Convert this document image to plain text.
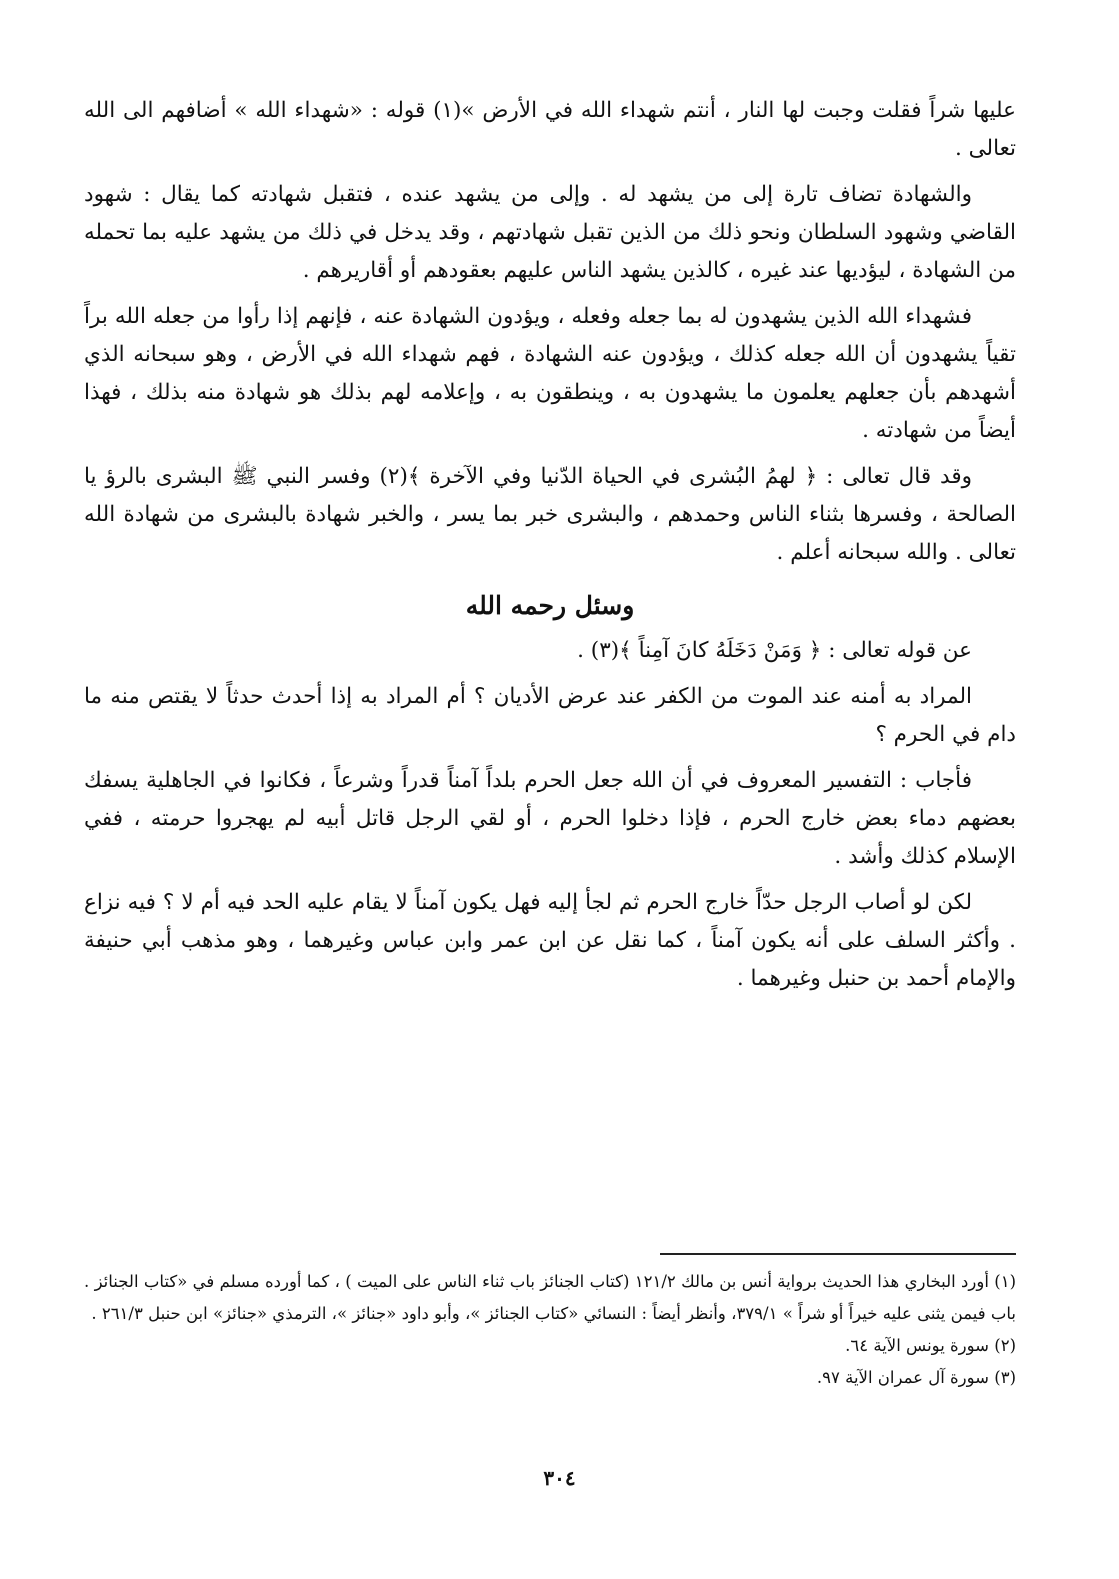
عليها شراً فقلت وجبت لها النار ، أنتم شهداء الله في الأرض »(١) قوله : «شهداء الله » أضافهم الى الله تعالى .

والشهادة تضاف تارة إلى من يشهد له . وإلى من يشهد عنده ، فتقبل شهادته كما يقال : شهود القاضي وشهود السلطان ونحو ذلك من الذين تقبل شهادتهم ، وقد يدخل في ذلك من يشهد عليه بما تحمله من الشهادة ، ليؤديها عند غيره ، كالذين يشهد الناس عليهم بعقودهم أو أقاريرهم .

فشهداء الله الذين يشهدون له بما جعله وفعله ، ويؤدون الشهادة عنه ، فإنهم إذا رأوا من جعله الله براً تقياً يشهدون أن الله جعله كذلك ، ويؤدون عنه الشهادة ، فهم شهداء الله في الأرض ، وهو سبحانه الذي أشهدهم بأن جعلهم يعلمون ما يشهدون به ، وينطقون به ، وإعلامه لهم بذلك هو شهادة منه بذلك ، فهذا أيضاً من شهادته .

وقد قال تعالى : ﴿ لهمُ البُشرى في الحياة الدّنيا وفي الآخرة ﴾(٢) وفسر النبي ﷺ البشرى بالرؤ يا الصالحة ، وفسرها بثناء الناس وحمدهم ، والبشرى خبر بما يسر ، والخبر شهادة بالبشرى من شهادة الله تعالى . والله سبحانه أعلم .

وسئل رحمه الله

عن قوله تعالى : ﴿ وَمَنْ دَخَلَهُ كانَ آمِناً ﴾(٣) .

المراد به أمنه عند الموت من الكفر عند عرض الأديان ؟ أم المراد به إذا أحدث حدثاً لا يقتص منه ما دام في الحرم ؟

فأجاب : التفسير المعروف في أن الله جعل الحرم بلداً آمناً قدراً وشرعاً ، فكانوا في الجاهلية يسفك بعضهم دماء بعض خارج الحرم ، فإذا دخلوا الحرم ، أو لقي الرجل قاتل أبيه لم يهجروا حرمته ، ففي الإسلام كذلك وأشد .

لكن لو أصاب الرجل حدّاً خارج الحرم ثم لجأ إليه فهل يكون آمناً لا يقام عليه الحد فيه أم لا ؟ فيه نزاع . وأكثر السلف على أنه يكون آمناً ، كما نقل عن ابن عمر وابن عباس وغيرهما ، وهو مذهب أبي حنيفة والإمام أحمد بن حنبل وغيرهما .

(١) أورد البخاري هذا الحديث برواية أنس بن مالك ١٢١/٢ (كتاب الجنائز باب ثناء الناس على الميت ) ، كما أورده مسلم في «كتاب الجنائز . باب فيمن يثنى عليه خيراً أو شراً » ٣٧٩/١، وأنظر أيضاً : النسائي «كتاب الجنائز »، وأبو داود «جنائز »، الترمذي «جنائز» ابن حنبل ٢٦١/٣ .

(٢) سورة يونس الآية ٦٤.

(٣) سورة آل عمران الآية ٩٧.

٣٠٤
